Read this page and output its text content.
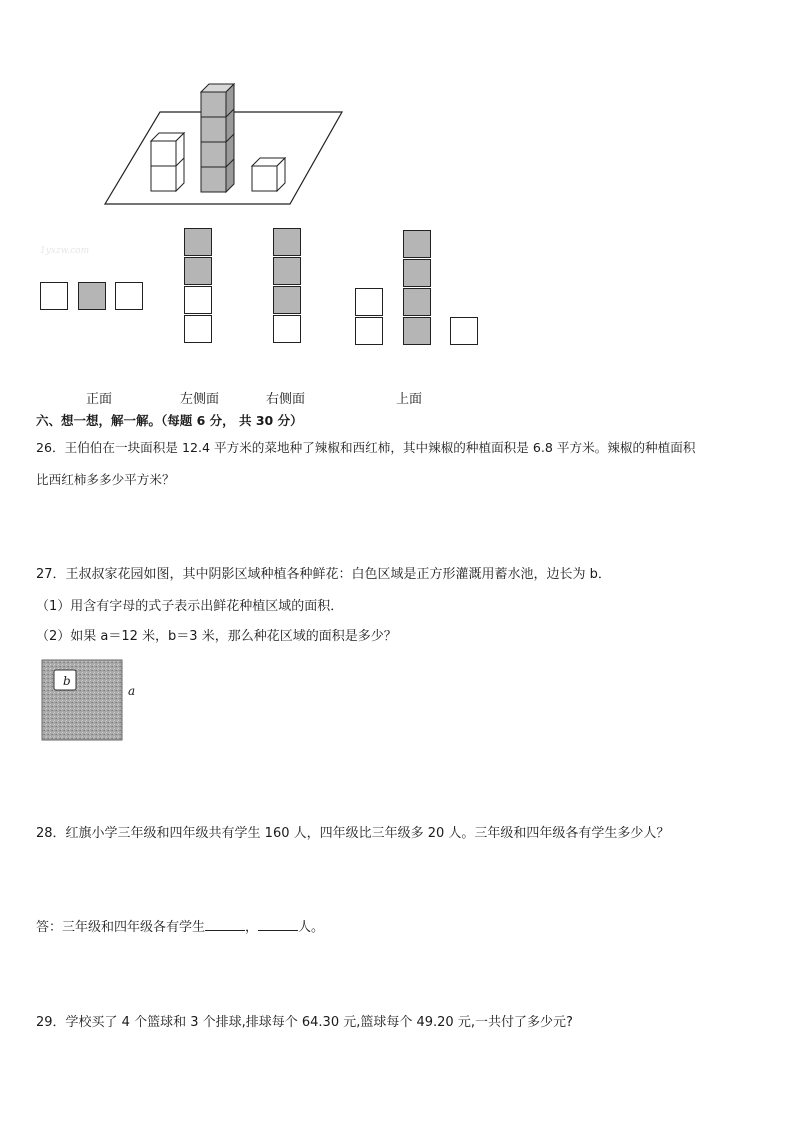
1yxzw.com
正面	左侧面	右侧面	上面
六、想一想，解一解。（每题 6 分， 共 30 分）
26．王伯伯在一块面积是 12.4 平方米的菜地种了辣椒和西红柿，其中辣椒的种植面积是 6.8 平方米。辣椒的种植面积
比西红柿多多少平方米？
27．王叔叔家花园如图，其中阴影区域种植各种鲜花：白色区域是正方形灌溉用蓄水池，边长为 b．
（1）用含有字母的式子表示出鲜花种植区域的面积．
（2）如果 a＝12 米，b＝3 米，那么种花区域的面积是多少？
b
a
28．红旗小学三年级和四年级共有学生 160 人，四年级比三年级多 20 人。三年级和四年级各有学生多少人？
答：三年级和四年级各有学生	，	人。
29．学校买了 4 个篮球和 3 个排球,排球每个 64.30 元,篮球每个 49.20 元,一共付了多少元?
